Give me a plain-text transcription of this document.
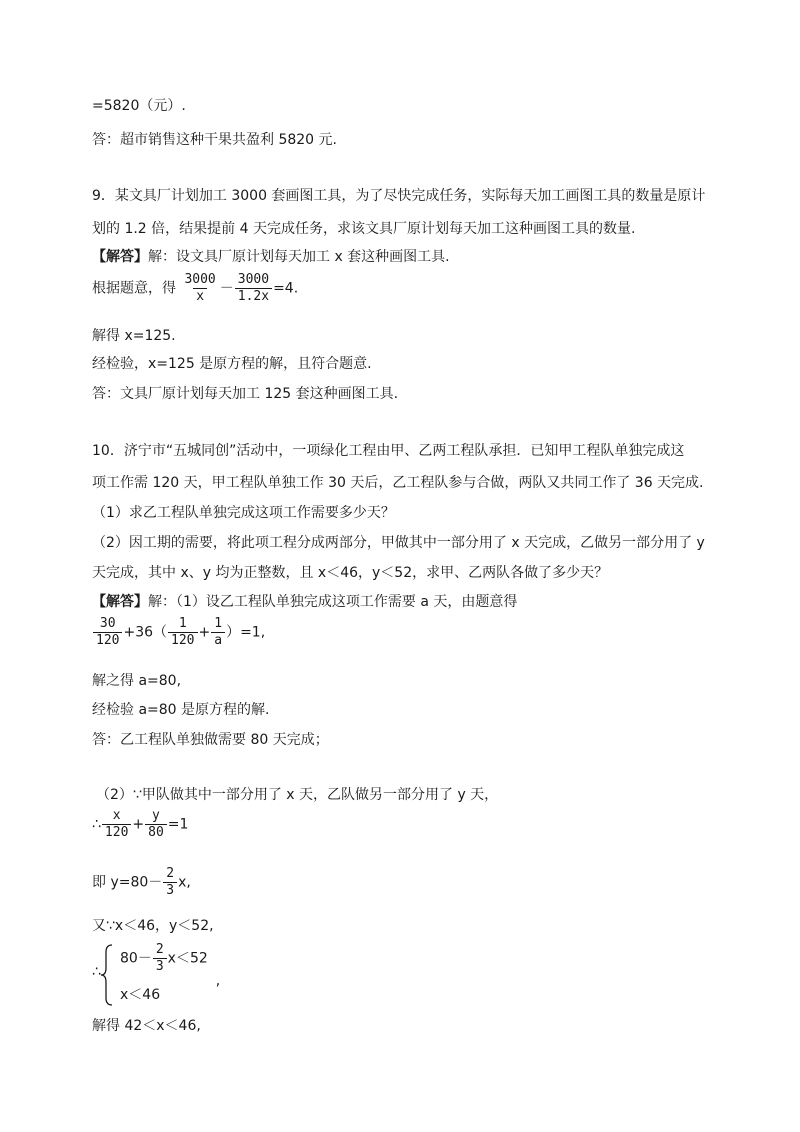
=5820（元）.
答：超市销售这种干果共盈利 5820 元.
9．某文具厂计划加工 3000 套画图工具，为了尽快完成任务，实际每天加工画图工具的数量是原计
划的 1.2 倍，结果提前 4 天完成任务，求该文具厂原计划每天加工这种画图工具的数量.
【解答】解：设文具厂原计划每天加工 x 套这种画图工具.
根据题意，得 $\frac{3000}{x} - \frac{3000}{1.2x} =4$.
解得 x=125.
经检验，x=125 是原方程的解，且符合题意.
答：文具厂原计划每天加工 125 套这种画图工具.
10．济宁市“五城同创”活动中，一项绿化工程由甲、乙两工程队承担．已知甲工程队单独完成这
项工作需 120 天，甲工程队单独工作 30 天后，乙工程队参与合做，两队又共同工作了 36 天完成.
（1）求乙工程队单独完成这项工作需要多少天？
（2）因工期的需要，将此项工程分成两部分，甲做其中一部分用了 x 天完成，乙做另一部分用了 y
天完成，其中 x、y 均为正整数，且 x＜46，y＜52，求甲、乙两队各做了多少天？
【解答】解：（1）设乙工程队单独完成这项工作需要 a 天，由题意得
$\frac{30}{120} +36( \frac{1}{120} + \frac{1}{a} )=1$,
解之得 a=80,
经检验 a=80 是原方程的解.
答：乙工程队单独做需要 80 天完成；
（2）∵甲队做其中一部分用了 x 天，乙队做另一部分用了 y 天，
∴ $\frac{x}{120} + \frac{y}{80} =1$
即 $y=80- \frac{2}{3} x$,
又∵x＜46，y＜52,
∴
$80- \frac{2}{3} x<52$,
x＜46
解得 42＜x＜46,
